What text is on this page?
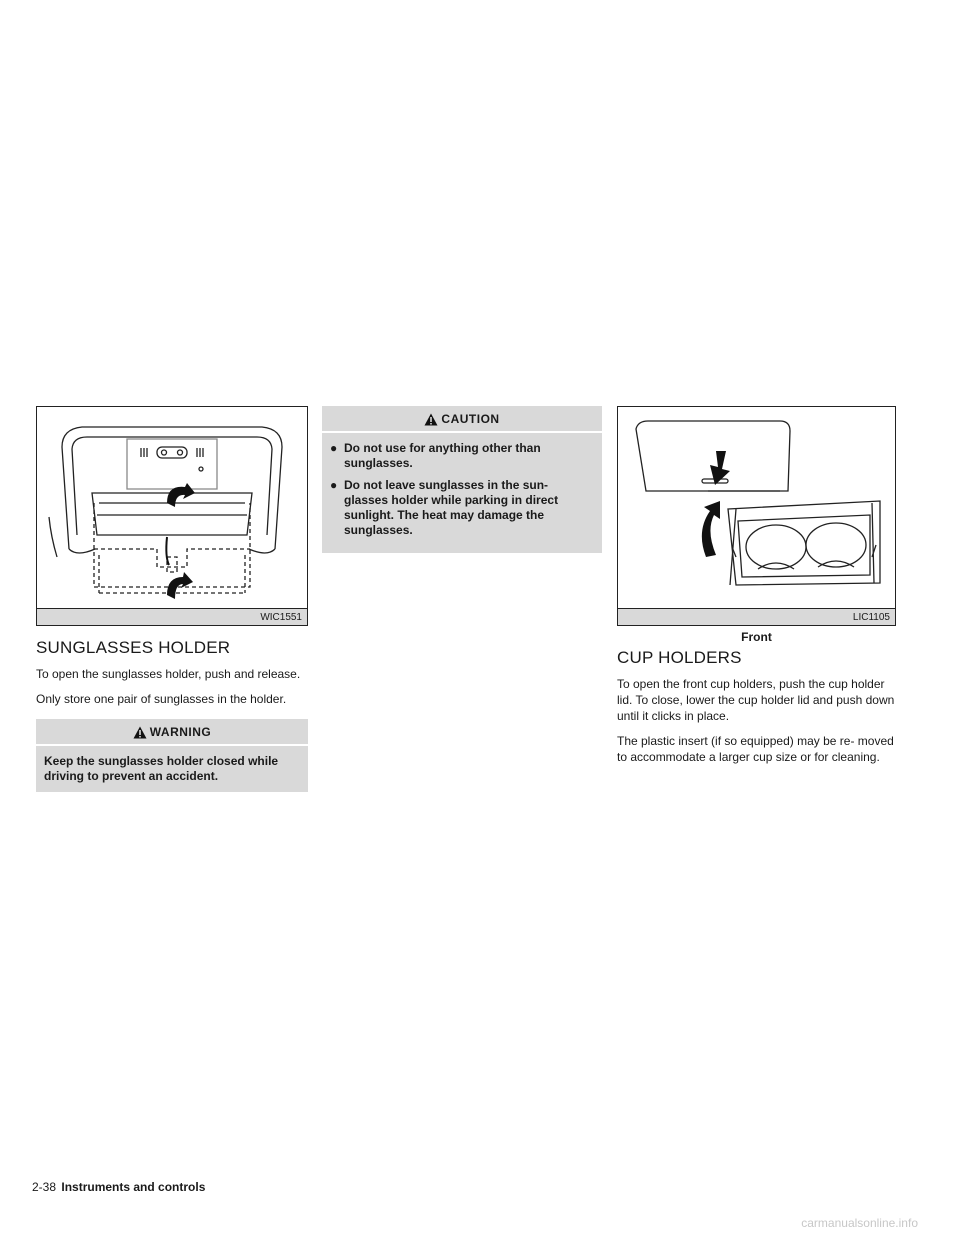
WIC1551
SUNGLASSES HOLDER

To open the sunglasses holder, push and release.

Only store one pair of sunglasses in the holder.

WARNING
Keep the sunglasses holder closed while driving to prevent an accident.
CAUTION
● Do not use for anything other than sunglasses.
● Do not leave sunglasses in the sun- glasses holder while parking in direct sunlight. The heat may damage the sunglasses.
LIC1105
Front
CUP HOLDERS

To open the front cup holders, push the cup holder lid. To close, lower the cup holder lid and push down until it clicks in place.

The plastic insert (if so equipped) may be re- moved to accommodate a larger cup size or for cleaning.

2-38 Instruments and controls
carmanualsonline.info
